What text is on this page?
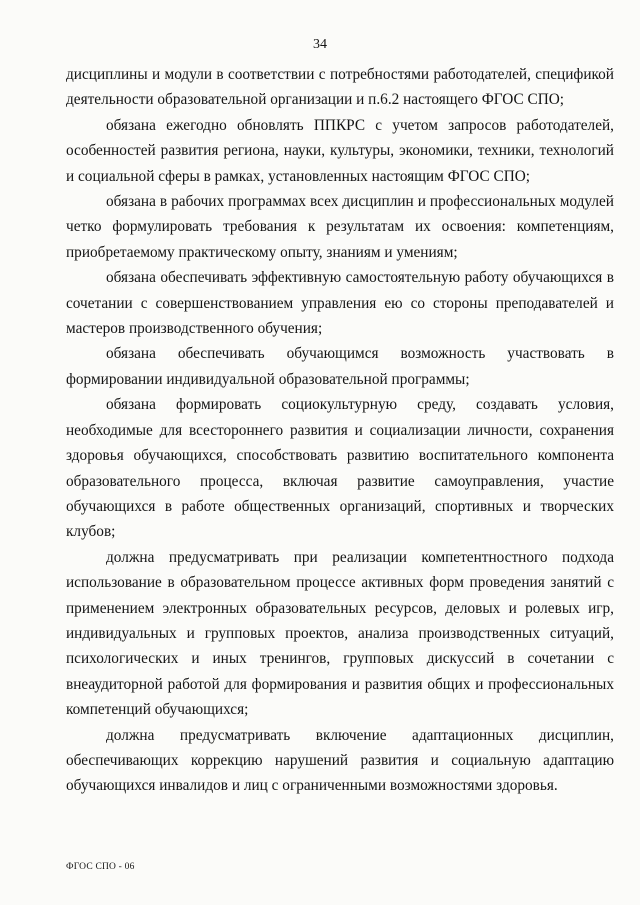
34

дисциплины и модули в соответствии с потребностями работодателей, спецификой деятельности образовательной организации и п.6.2 настоящего ФГОС СПО;

обязана ежегодно обновлять ППКРС с учетом запросов работодателей, особенностей развития региона, науки, культуры, экономики, техники, технологий и социальной сферы в рамках, установленных настоящим ФГОС СПО;

обязана в рабочих программах всех дисциплин и профессиональных модулей четко формулировать требования к результатам их освоения: компетенциям, приобретаемому практическому опыту, знаниям и умениям;

обязана обеспечивать эффективную самостоятельную работу обучающихся в сочетании с совершенствованием управления ею со стороны преподавателей и мастеров производственного обучения;

обязана обеспечивать обучающимся возможность участвовать в формировании индивидуальной образовательной программы;

обязана формировать социокультурную среду, создавать условия, необходимые для всестороннего развития и социализации личности, сохранения здоровья обучающихся, способствовать развитию воспитательного компонента образовательного процесса, включая развитие самоуправления, участие обучающихся в работе общественных организаций, спортивных и творческих клубов;

должна предусматривать при реализации компетентностного подхода использование в образовательном процессе активных форм проведения занятий с применением электронных образовательных ресурсов, деловых и ролевых игр, индивидуальных и групповых проектов, анализа производственных ситуаций, психологических и иных тренингов, групповых дискуссий в сочетании с внеаудиторной работой для формирования и развития общих и профессиональных компетенций обучающихся;

должна предусматривать включение адаптационных дисциплин, обеспечивающих коррекцию нарушений развития и социальную адаптацию обучающихся инвалидов и лиц с ограниченными возможностями здоровья.

ФГОС СПО - 06
